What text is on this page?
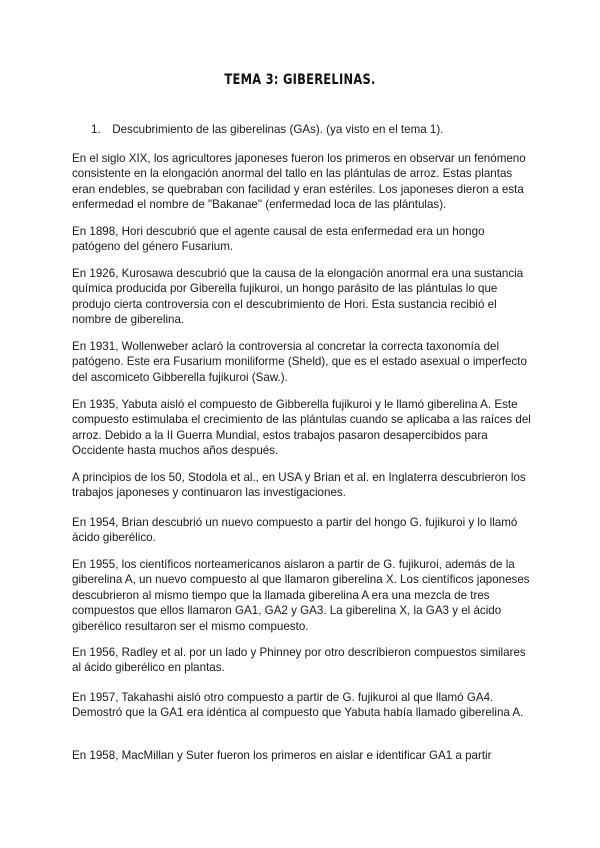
TEMA 3: GIBERELINAS.
1. Descubrimiento de las giberelinas (GAs). (ya visto en el tema 1).

En el siglo XIX, los agricultores japoneses fueron los primeros en observar un fenómeno consistente en la elongación anormal del tallo en las plántulas de arroz. Estas plantas eran endebles, se quebraban con facilidad y eran estériles. Los japoneses dieron a esta enfermedad el nombre de "Bakanae" (enfermedad loca de las plántulas).

En 1898, Hori descubrió que el agente causal de esta enfermedad era un hongo patógeno del género Fusarium.

En 1926, Kurosawa descubrió que la causa de la elongación anormal era una sustancia química producida por Giberella fujikuroi, un hongo parásito de las plántulas lo que produjo cierta controversia con el descubrimiento de Hori. Esta sustancia recibió el nombre de giberelina.

En 1931, Wollenweber aclaró la controversia al concretar la correcta taxonomía del patógeno. Este era Fusarium moniliforme (Sheld), que es el estado asexual o imperfecto del ascomiceto Gibberella fujikuroi (Saw.).

En 1935, Yabuta aisló el compuesto de Gibberella fujikuroi y le llamó giberelina A. Este compuesto estimulaba el crecimiento de las plántulas cuando se aplicaba a las raíces del arroz. Debido a la II Guerra Mundial, estos trabajos pasaron desapercibidos para Occidente hasta muchos años después.

A principios de los 50, Stodola et al., en USA y Brian et al. en Inglaterra descubrieron los trabajos japoneses y continuaron las investigaciones.

En 1954, Brian descubrió un nuevo compuesto a partir del hongo G. fujikuroi y lo llamó ácido giberélico.

En 1955, los científicos norteamericanos aislaron a partir de G. fujikuroi, además de la giberelina A, un nuevo compuesto al que llamaron giberelina X. Los científicos japoneses descubrieron al mismo tiempo que la llamada giberelina A era una mezcla de tres compuestos que ellos llamaron GA1, GA2 y GA3. La giberelina X, la GA3 y el ácido giberélico resultaron ser el mismo compuesto.

En 1956, Radley et al. por un lado y Phinney por otro describieron compuestos similares al ácido giberélico en plantas.

En 1957, Takahashi aisló otro compuesto a partir de G. fujikuroi al que llamó GA4. Demostró que la GA1 era idéntica al compuesto que Yabuta había llamado giberelina A.

En 1958, MacMillan y Suter fueron los primeros en aislar e identificar GA1 a partir
